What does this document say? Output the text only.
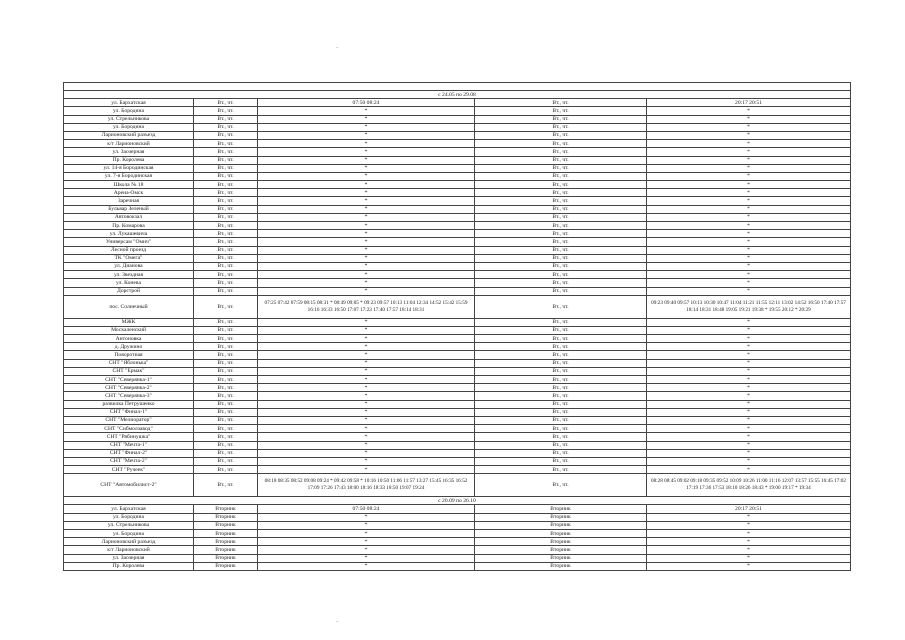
·
·

с 24.05 по 29.08				
ул. Бархатская	Вт., чт.	07:50 08:24	Вт., чт.	20:17 20:51
ул. Бородина	Вт., чт.	*	Вт., чт.	*
ул. Стрельникова	Вт., чт.	*	Вт., чт.	*
ул. Бородина	Вт., чт.	*	Вт., чт.	*
Ларионовский разъезд	Вт., чт.	*	Вт., чт.	*
к/т Ларионовский	Вт., чт.	*	Вт., чт.	*
ул. Заозерная	Вт., чт.	*	Вт., чт.	*
Пр. Королева	Вт., чт.	*	Вт., чт.	*
ул. 14-я Бородинская	Вт., чт.	*	Вт., чт.	*
ул. 7-я Бородинская	Вт., чт.	*	Вт., чт.	*
Школа № 18	Вт., чт.	*	Вт., чт.	*
Арена-Омск	Вт., чт.	*	Вт., чт.	*
Заречная	Вт., чт.	*	Вт., чт.	*
Бульвар Зеленый	Вт., чт.	*	Вт., чт.	*
Автовокзал	Вт., чт.	*	Вт., чт.	*
Пр. Комарова	Вт., чт.	*	Вт., чт.	*
ул. Лукашевича	Вт., чт.	*	Вт., чт.	*
Универсам "Омич"	Вт., чт.	*	Вт., чт.	*
Лесной проезд	Вт., чт.	*	Вт., чт.	*
ТК "Омега"	Вт., чт.	*	Вт., чт.	*
ул. Дианова	Вт., чт.	*	Вт., чт.	*
ул. Звездная	Вт., чт.	*	Вт., чт.	*
ул. Конева	Вт., чт.	*	Вт., чт.	*
Дорстрой	Вт., чт.	*	Вт., чт.	*
пос. Солнечный	Вт., чт.	07:25 07:42 07:59 08:15 08:31 * 08:49 09:05 * 09:23 09:57 10:13 11:04 12:34 14:52 15:42 15:59 16:16 16:33 16:50 17:07 17:23 17:40 17:57 18:14 18:31	Вт., чт.	09:23 09:40 09:57 10:13 10:30 10:47 11:04 11:21 11:55 12:11 13:02 14:52 16:50 17:40 17:57 18:14 18:31 18:48 19:05 19:21 19:38 * 19:55 20:12 * 20:29
МЖК	Вт., чт.	*	Вт., чт.	*
Москаленский	Вт., чт.	*	Вт., чт.	*
Антоновка	Вт., чт.	*	Вт., чт.	*
д. Дружино	Вт., чт.	*	Вт., чт.	*
Поворотная	Вт., чт.	*	Вт., чт.	*
СНТ "Яблонька"	Вт., чт.	*	Вт., чт.	*
СНТ "Ермак"	Вт., чт.	*	Вт., чт.	*
СНТ "Северянка-1"	Вт., чт.	*	Вт., чт.	*
СНТ "Северянка-2"	Вт., чт.	*	Вт., чт.	*
СНТ "Северянка-3"	Вт., чт.	*	Вт., чт.	*
развилка Петрушенко	Вт., чт.	*	Вт., чт.	*
СНТ "Финал-1"	Вт., чт.	*	Вт., чт.	*
СНТ "Мелиоратор"	Вт., чт.	*	Вт., чт.	*
СНТ "Сибмолзавод"	Вт., чт.	*	Вт., чт.	*
СНТ "Рябинушка"	Вт., чт.	*	Вт., чт.	*
СНТ "Мечта-1"	Вт., чт.	*	Вт., чт.	*
СНТ "Финал-2"	Вт., чт.	*	Вт., чт.	*
СНТ "Мечта-2"	Вт., чт.	*	Вт., чт.	*
СНТ "Ручеек"	Вт., чт.	*	Вт., чт.	*
СНТ "Автомобилист-2"	Вт., чт.	08:18 08:35 08:52 09:08 09:24 * 09:42 09:58 * 10:16 10:50 11:06 11:57 13:27 15:45 16:35 16:52 17:09 17:26 17:43 18:00 18:16 18:33 18:50 19:07 19:24	Вт., чт.	08:28 08:45 09:02 09:18 09:35 09:52 10:09 10:26 11:00 11:16 12:07 13:57 15:55 16:45 17:02 17:19 17:36 17:53 18:10 18:26 18:43 * 19:00 19:17 * 19:34
с 20.09 по 26.10				
ул. Бархатская	Вторник	07:50 08:24	Вторник	20:17 20:51
ул. Бородина	Вторник	*	Вторник	*
ул. Стрельникова	Вторник	*	Вторник	*
ул. Бородина	Вторник	*	Вторник	*
Ларионовский разъезд	Вторник	*	Вторник	*
к/т Ларионовский	Вторник	*	Вторник	*
ул. Заозерная	Вторник	*	Вторник	*
Пр. Королева	Вторник	*	Вторник	*
